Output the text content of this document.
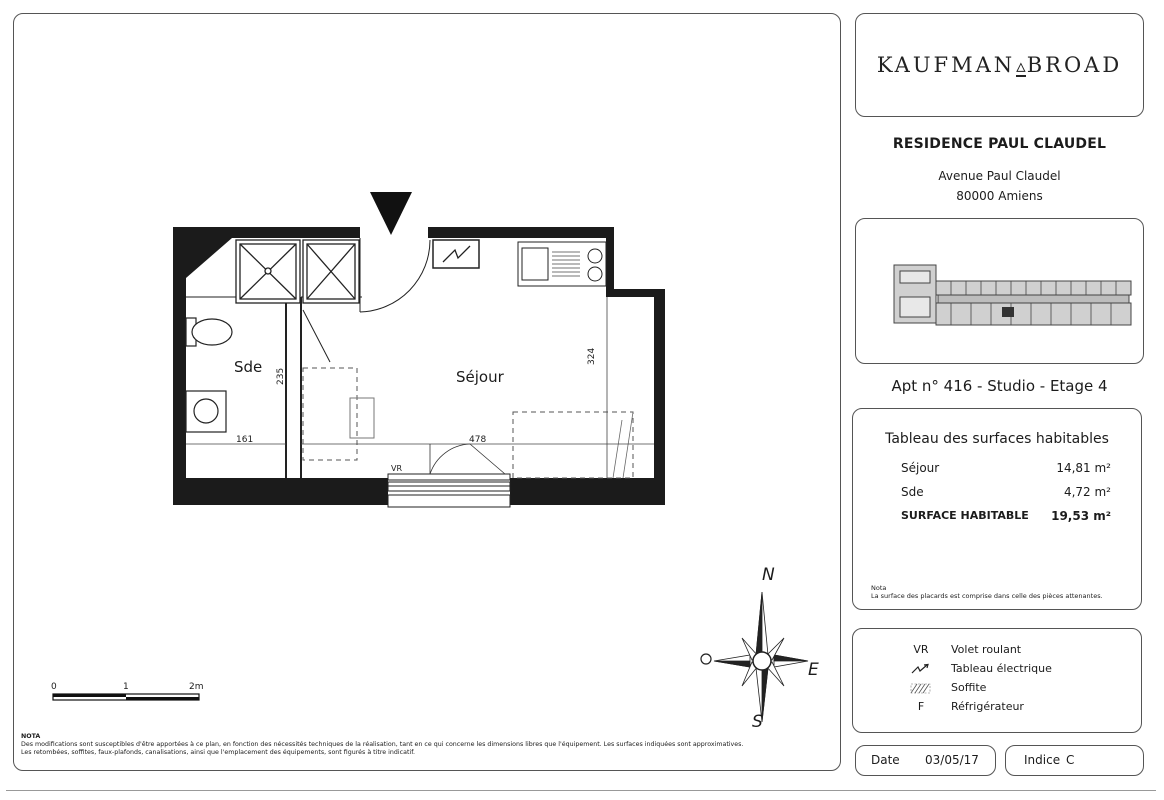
KAUFMAN▵BROAD
RESIDENCE PAUL CLAUDEL
Avenue Paul Claudel
80000 Amiens
Apt n° 416 - Studio - Etage 4
Tableau des surfaces habitables
Séjour	14,81 m²
Sde	4,72 m²
SURFACE HABITABLE 19,53 m²
Nota
La surface des placards est comprise dans celle des pièces attenantes.
VR	Volet roulant
Tableau électrique
Soffite
F	Réfrigérateur
Date 03/05/17	Indice C
Sde
Séjour
161	478
235
324
VR
0	1	2m
N
S
E
NOTA
Des modifications sont susceptibles d'être apportées à ce plan, en fonction des nécessités techniques de la réalisation, tant en ce qui concerne les dimensions libres que l'équipement. Les surfaces indiquées sont approximatives.
Les retombées, soffites, faux-plafonds, canalisations, ainsi que l'emplacement des équipements, sont figurés à titre indicatif.
